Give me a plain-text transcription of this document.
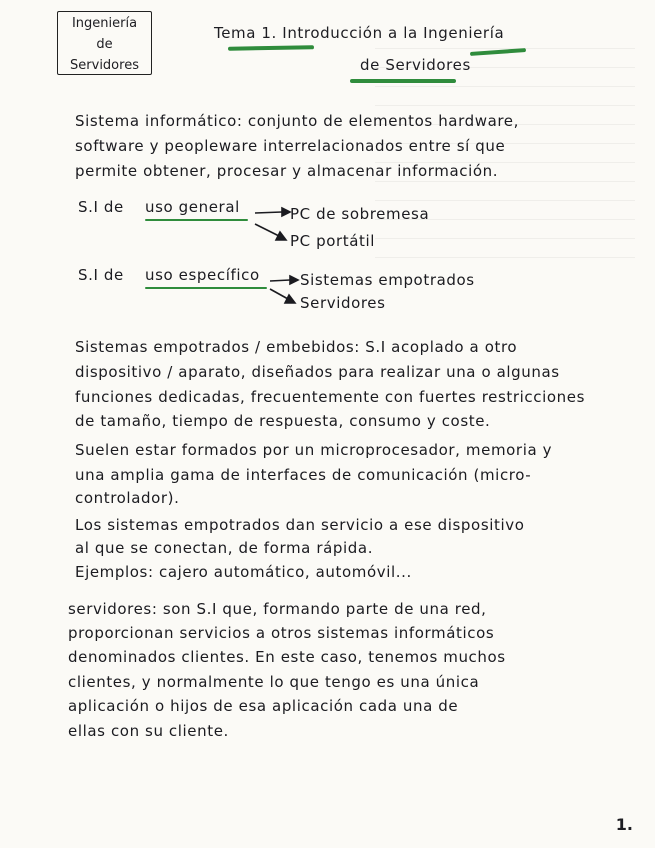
Ingeniería
de
Servidores
Tema 1. Introducción a la Ingeniería
de Servidores
Sistema informático: conjunto de elementos hardware,
software y peopleware interrelacionados entre sí que
permite obtener, procesar y almacenar información.
S.I de uso general	PC de sobremesa
PC portátil
S.I de uso específico	Sistemas empotrados
Servidores
Sistemas empotrados / embebidos: S.I acoplado a otro
dispositivo / aparato, diseñados para realizar una o algunas
funciones dedicadas, frecuentemente con fuertes restricciones
de tamaño, tiempo de respuesta, consumo y coste.
Suelen estar formados por un microprocesador, memoria y
una amplia gama de interfaces de comunicación (micro-
controlador).
Los sistemas empotrados dan servicio a ese dispositivo
al que se conectan, de forma rápida.
Ejemplos: cajero automático, automóvil...
servidores: son S.I que, formando parte de una red,
proporcionan servicios a otros sistemas informáticos
denominados clientes. En este caso, tenemos muchos
clientes, y normalmente lo que tengo es una única
aplicación o hijos de esa aplicación cada una de
ellas con su cliente.
1.
